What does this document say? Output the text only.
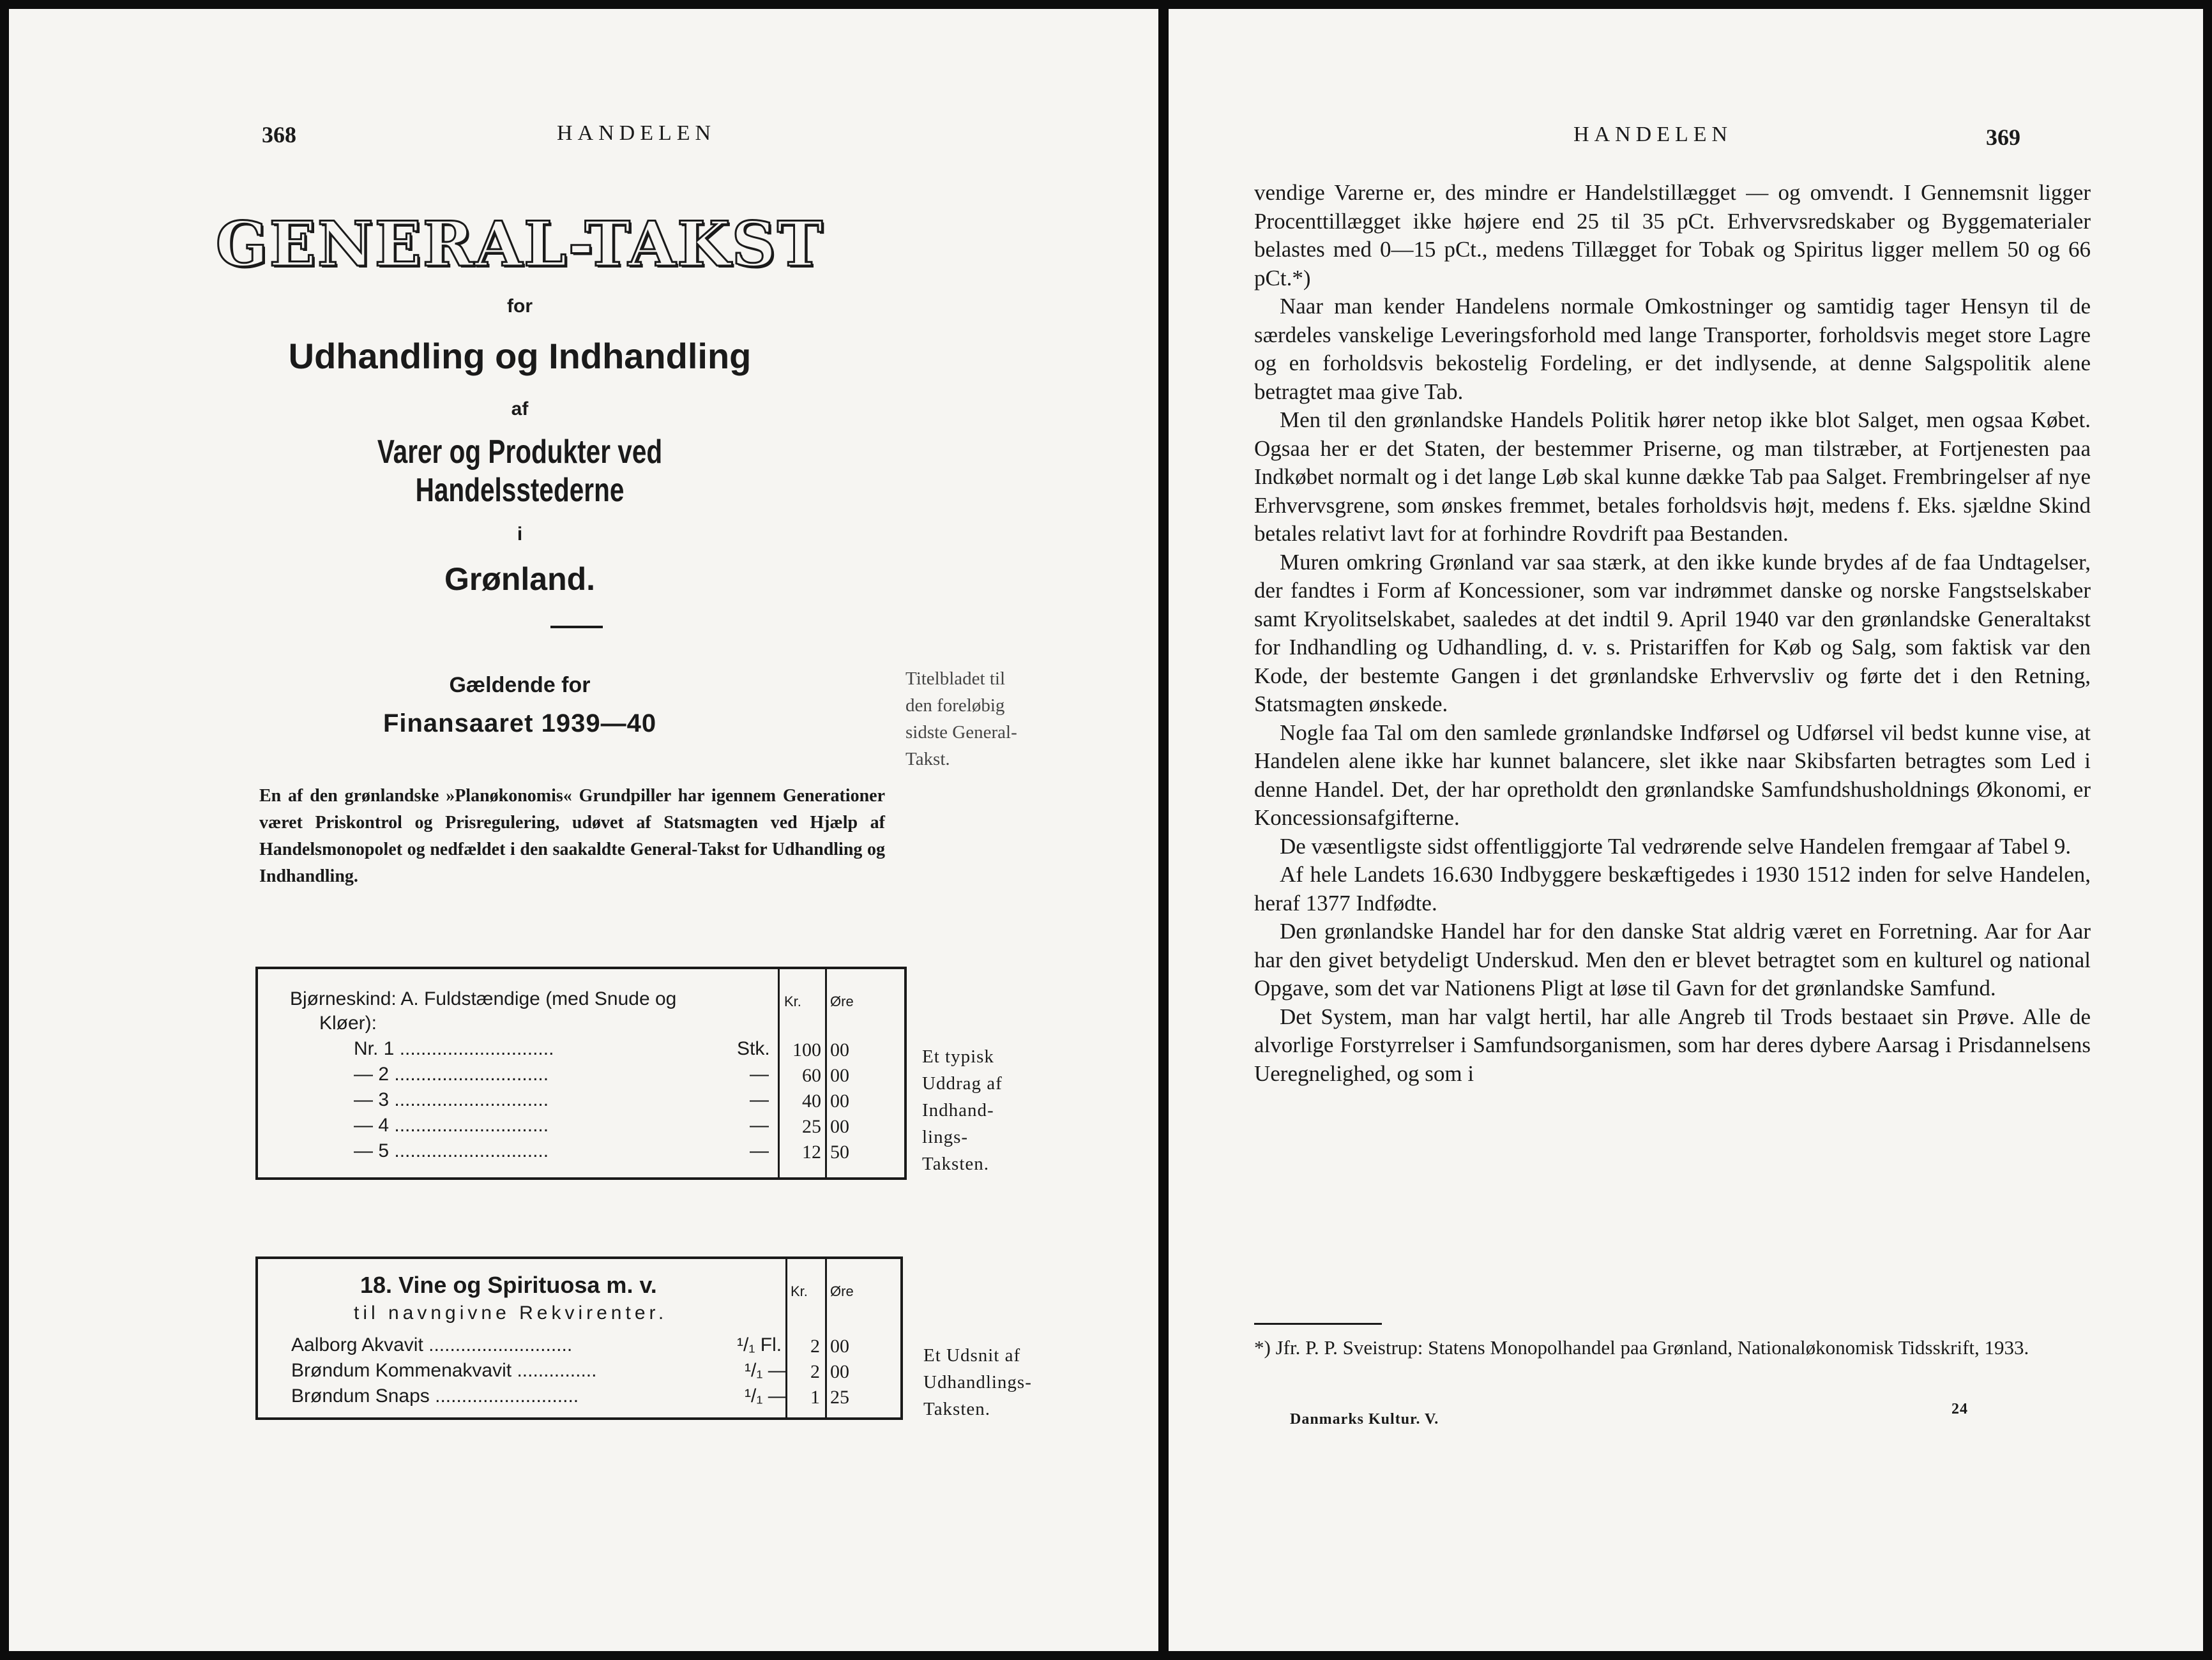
368	HANDELEN
GENERAL-TAKST
for
Udhandling og Indhandling
af
Varer og Produkter ved Handelsstederne
i
Grønland.
Gældende for
Finansaaret 1939—40
Titelbladet til
den foreløbig
sidste General-
Takst.
En af den grønlandske »Planøkonomis« Grundpiller har igennem Generationer været Priskontrol og Prisregulering, udøvet af Statsmagten ved Hjælp af Handelsmonopolet og nedfældet i den saakaldte General-Takst for Udhandling og Indhandling.
Kr. Øre
Bjørneskind: A. Fuldstændige (med Snude og
Kløer):
Nr. 1 .............................	Stk.	100 00
— 2 .............................	—	60 00
— 3 .............................	—	40 00
— 4 .............................	—	25 00
— 5 .............................	—	12 50
Et typisk
Uddrag af
Indhand-
lings-
Taksten.
Kr. Øre
18. Vine og Spirituosa m. v.
til navngivne Rekvirenter.
Aalborg Akvavit ...........................	¹/₁ Fl.	2 00
Brøndum Kommenakvavit ...............	¹/₁ —	2 00
Brøndum Snaps ...........................	¹/₁ —	1 25
Et Udsnit af
Udhandlings-
Taksten.
HANDELEN	369

vendige Varerne er, des mindre er Handelstillægget — og omvendt. I Gennemsnit ligger Procenttillægget ikke højere end 25 til 35 pCt. Erhvervsredskaber og Byggematerialer belastes med 0—15 pCt., medens Tillægget for Tobak og Spiritus ligger mellem 50 og 66 pCt.*)

Naar man kender Handelens normale Omkostninger og samtidig tager Hensyn til de særdeles vanskelige Leveringsforhold med lange Transporter, forholdsvis meget store Lagre og en forholdsvis bekostelig Fordeling, er det indlysende, at denne Salgspolitik alene betragtet maa give Tab.

Men til den grønlandske Handels Politik hører netop ikke blot Salget, men ogsaa Købet. Ogsaa her er det Staten, der bestemmer Priserne, og man tilstræber, at Fortjenesten paa Indkøbet normalt og i det lange Løb skal kunne dække Tab paa Salget. Frembringelser af nye Erhvervsgrene, som ønskes fremmet, betales forholdsvis højt, medens f. Eks. sjældne Skind betales relativt lavt for at forhindre Rovdrift paa Bestanden.

Muren omkring Grønland var saa stærk, at den ikke kunde brydes af de faa Undtagelser, der fandtes i Form af Koncessioner, som var indrømmet danske og norske Fangstselskaber samt Kryolitselskabet, saaledes at det indtil 9. April 1940 var den grønlandske Generaltakst for Indhandling og Udhandling, d. v. s. Pristariffen for Køb og Salg, som faktisk var den Kode, der bestemte Gangen i det grønlandske Erhvervsliv og førte det i den Retning, Statsmagten ønskede.

Nogle faa Tal om den samlede grønlandske Indførsel og Udførsel vil bedst kunne vise, at Handelen alene ikke har kunnet balancere, slet ikke naar Skibsfarten betragtes som Led i denne Handel. Det, der har opretholdt den grønlandske Samfundshusholdnings Økonomi, er Koncessionsafgifterne.

De væsentligste sidst offentliggjorte Tal vedrørende selve Handelen fremgaar af Tabel 9.

Af hele Landets 16.630 Indbyggere beskæftigedes i 1930 1512 inden for selve Handelen, heraf 1377 Indfødte.

Den grønlandske Handel har for den danske Stat aldrig været en Forretning. Aar for Aar har den givet betydeligt Underskud. Men den er blevet betragtet som en kulturel og national Opgave, som det var Nationens Pligt at løse til Gavn for det grønlandske Samfund.

Det System, man har valgt hertil, har alle Angreb til Trods bestaaet sin Prøve. Alle de alvorlige Forstyrrelser i Samfundsorganismen, som har deres dybere Aarsag i Prisdannelsens Ueregnelighed, og som i

*) Jfr. P. P. Sveistrup: Statens Monopolhandel paa Grønland, Nationaløkonomisk Tidsskrift, 1933.
Danmarks Kultur. V.
24
